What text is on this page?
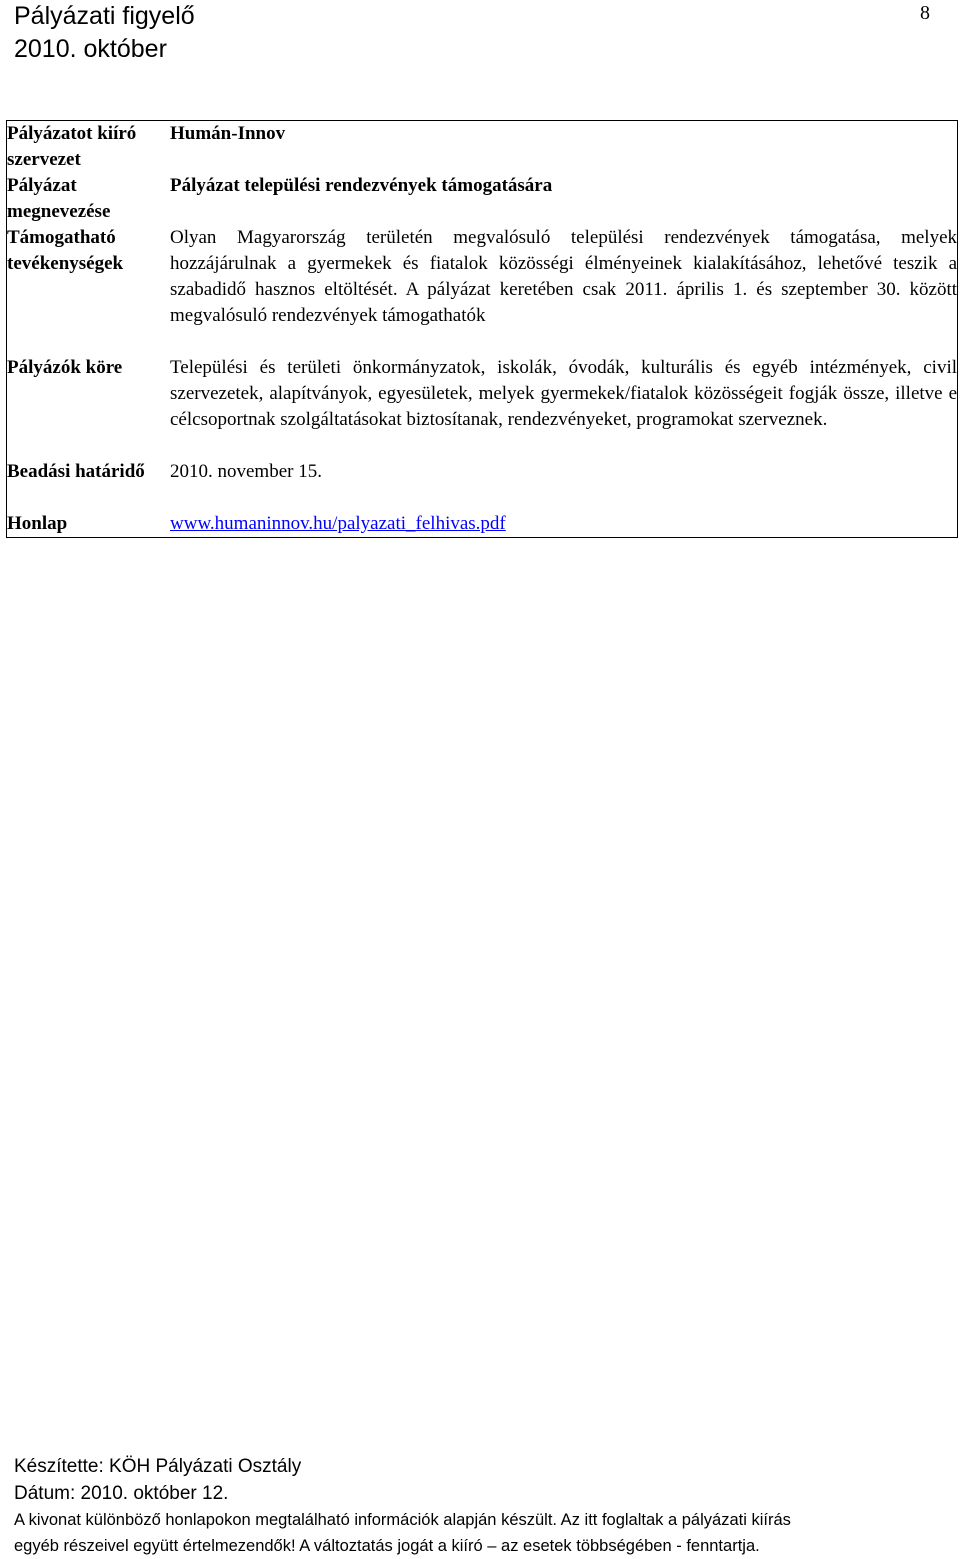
Pályázati figyelő
2010. október
8
Pályázatot kiíró szervezet	Humán-Innov
Pályázat megnevezése	Pályázat települési rendezvények támogatására
Támogatható tevékenységek	Olyan Magyarország területén megvalósuló települési rendezvények támogatása, melyek hozzájárulnak a gyermekek és fiatalok közösségi élményeinek kialakításához, lehetővé teszik a szabadidő hasznos eltöltését. A pályázat keretében csak 2011. április 1. és szeptember 30. között megvalósuló rendezvények támogathatók
Pályázók köre	Települési és területi önkormányzatok, iskolák, óvodák, kulturális és egyéb intézmények, civil szervezetek, alapítványok, egyesületek, melyek gyermekek/fiatalok közösségeit fogják össze, illetve e célcsoportnak szolgáltatásokat biztosítanak, rendezvényeket, programokat szerveznek.
Beadási határidő	2010. november 15.
Honlap	www.humaninnov.hu/palyazati_felhivas.pdf
Készítette: KÖH Pályázati Osztály
Dátum: 2010. október 12.
A kivonat különböző honlapokon megtalálható információk alapján készült. Az itt foglaltak a pályázati kiírás
egyéb részeivel együtt értelmezendők! A változtatás jogát a kiíró – az esetek többségében - fenntartja.
